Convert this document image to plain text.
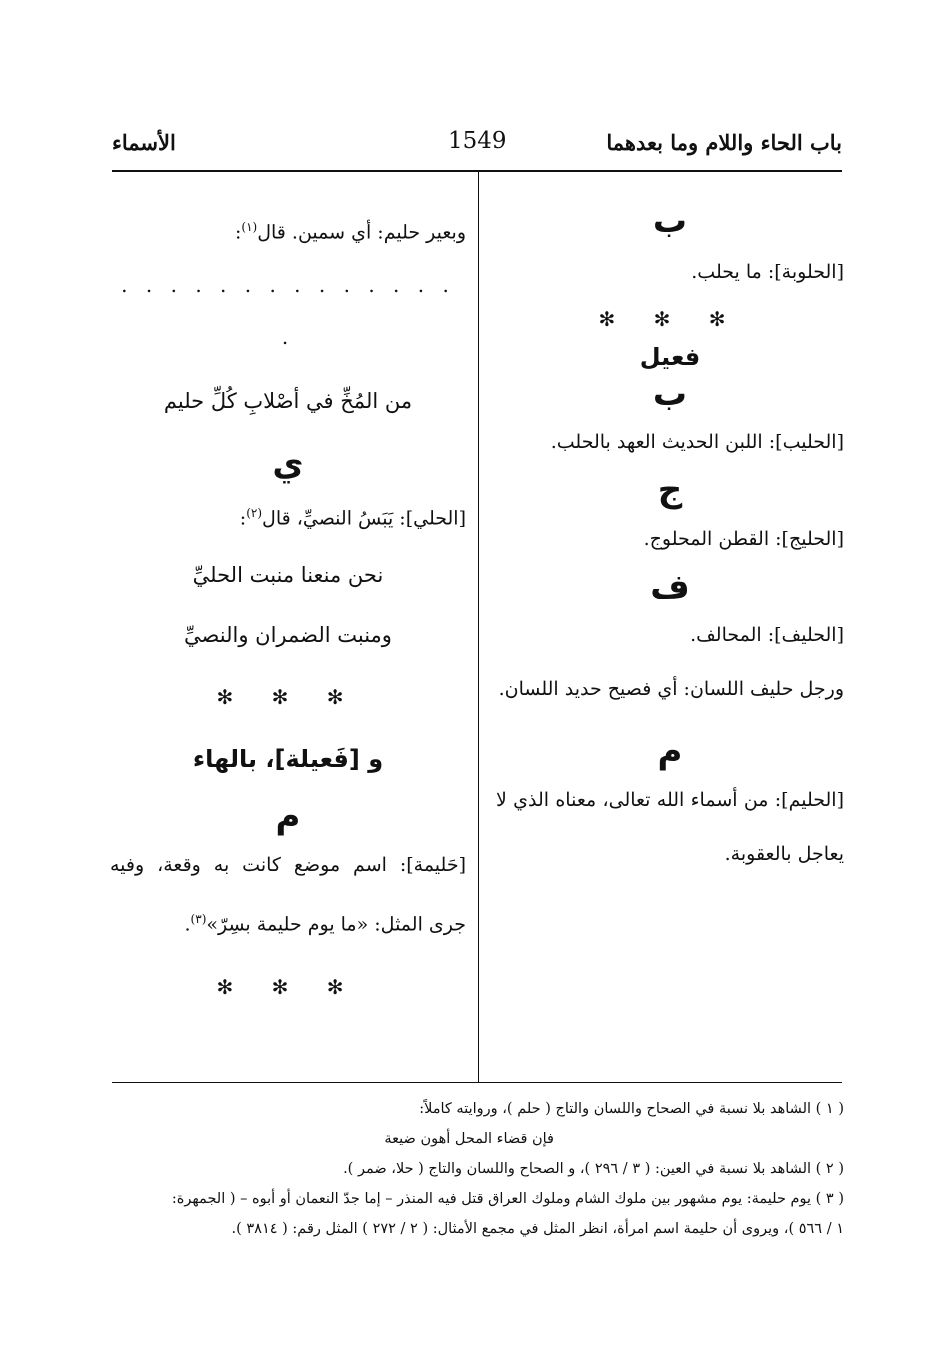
باب الحاء واللام وما بعدهما
1549
الأسماء

ب

[الحلوبة]: ما يحلب.

✻ ✻ ✻

فعيل

ب

[الحليب]: اللبن الحديث العهد بالحلب.

ج

[الحليج]: القطن المحلوج.

ف

[الحليف]: المحالف.

ورجل حليف اللسان: أي فصيح حديد اللسان.

م

[الحليم]: من أسماء الله تعالى، معناه الذي لا يعاجل بالعقوبة.

وبعير حليم: أي سمين. قال$^{(١)}$:

. . . . . . . . . . . . . . .

من المُخِّ في أصْلابِ كُلِّ حليم

ي

[الحلي]: يَبَسُ النصيِّ، قال$^{(٢)}$:

نحن منعنا منبت الحليِّ

ومنبت الضمران والنصيِّ

✻ ✻ ✻

و [فَعيلة]، بالهاء

م

[حَليمة]: اسم موضع كانت به وقعة، وفيه جرى المثل: «ما يوم حليمة بسِرّ»$^{(٣)}$.

✻ ✻ ✻

( ١ ) الشاهد بلا نسبة في الصحاح واللسان والتاج ( حلم )، وروايته كاملاً:

فإن قضاء المحل أهون ضيعة

( ٢ ) الشاهد بلا نسبة في العين: ( ٣ / ٢٩٦ )، و الصحاح واللسان والتاج ( حلا، ضمر ).

( ٣ ) يوم حليمة: يوم مشهور بين ملوك الشام وملوك العراق قتل فيه المنذر – إما جدّ النعمان أو أبوه – ( الجمهرة:

١ / ٥٦٦ )، ويروى أن حليمة اسم امرأة، انظر المثل في مجمع الأمثال: ( ٢ / ٢٧٢ ) المثل رقم: ( ٣٨١٤ ).
